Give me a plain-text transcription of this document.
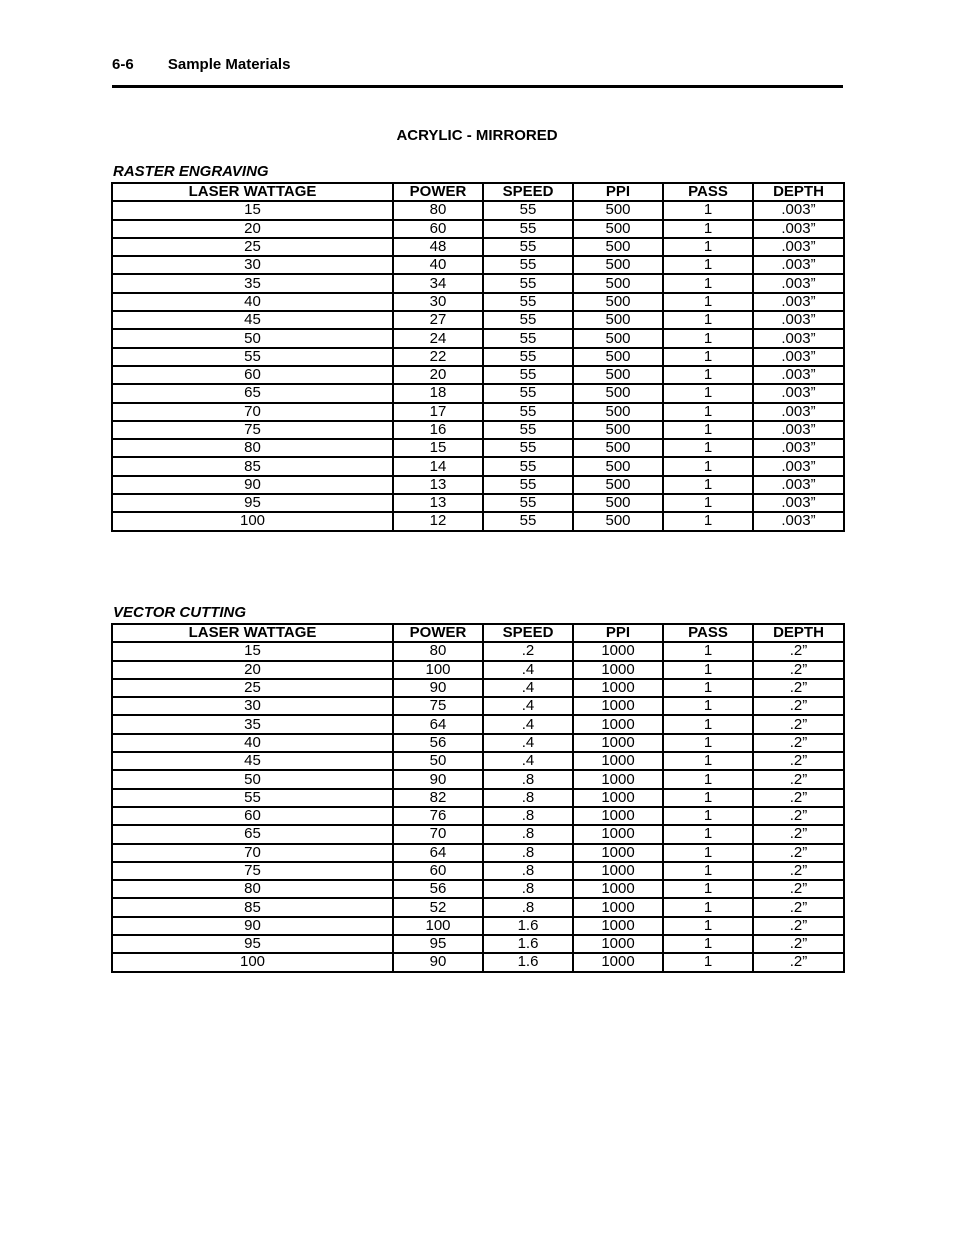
6-6 Sample Materials
ACRYLIC - MIRRORED
RASTER ENGRAVING
LASER WATTAGE	POWER	SPEED	PPI	PASS	DEPTH
15	80	55	500	1	.003”
20	60	55	500	1	.003”
25	48	55	500	1	.003”
30	40	55	500	1	.003”
35	34	55	500	1	.003”
40	30	55	500	1	.003”
45	27	55	500	1	.003”
50	24	55	500	1	.003”
55	22	55	500	1	.003”
60	20	55	500	1	.003”
65	18	55	500	1	.003”
70	17	55	500	1	.003”
75	16	55	500	1	.003”
80	15	55	500	1	.003”
85	14	55	500	1	.003”
90	13	55	500	1	.003”
95	13	55	500	1	.003”
100	12	55	500	1	.003”
VECTOR CUTTING
LASER WATTAGE	POWER	SPEED	PPI	PASS	DEPTH
15	80	.2	1000	1	.2”
20	100	.4	1000	1	.2”
25	90	.4	1000	1	.2”
30	75	.4	1000	1	.2”
35	64	.4	1000	1	.2”
40	56	.4	1000	1	.2”
45	50	.4	1000	1	.2”
50	90	.8	1000	1	.2”
55	82	.8	1000	1	.2”
60	76	.8	1000	1	.2”
65	70	.8	1000	1	.2”
70	64	.8	1000	1	.2”
75	60	.8	1000	1	.2”
80	56	.8	1000	1	.2”
85	52	.8	1000	1	.2”
90	100	1.6	1000	1	.2”
95	95	1.6	1000	1	.2”
100	90	1.6	1000	1	.2”
